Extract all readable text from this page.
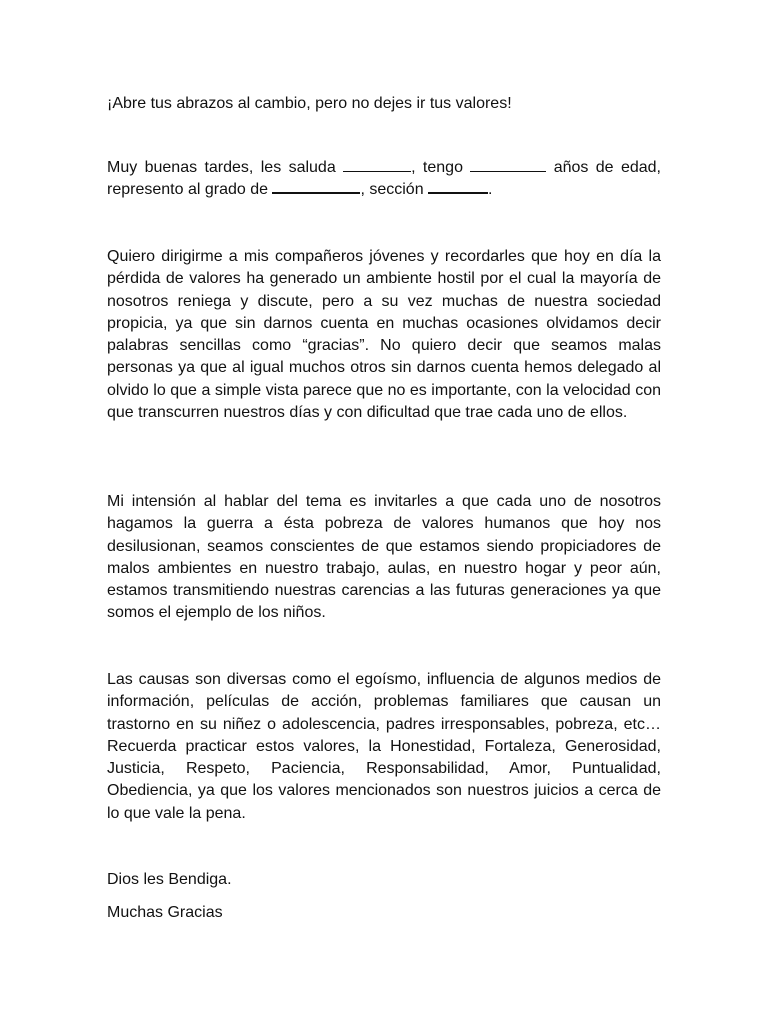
¡Abre tus abrazos al cambio, pero no dejes ir tus valores!

Muy buenas tardes, les saluda	, tengo	años de edad, represento al grado de	, sección	.

Quiero dirigirme a mis compañeros jóvenes y recordarles que hoy en día la pérdida de valores ha generado un ambiente hostil por el cual la mayoría de nosotros reniega y discute, pero a su vez muchas de nuestra sociedad propicia, ya que sin darnos cuenta en muchas ocasiones olvidamos decir palabras sencillas como “gracias”. No quiero decir que seamos malas personas ya que al igual muchos otros sin darnos cuenta hemos delegado al olvido lo que a simple vista parece que no es importante, con la velocidad con que transcurren nuestros días y con dificultad que trae cada uno de ellos.

Mi intensión al hablar del tema es invitarles a que cada uno de nosotros hagamos la guerra a ésta pobreza de valores humanos que hoy nos desilusionan, seamos conscientes de que estamos siendo propiciadores de malos ambientes en nuestro trabajo, aulas, en nuestro hogar y peor aún, estamos transmitiendo nuestras carencias a las futuras generaciones ya que somos el ejemplo de los niños.

Las causas son diversas como el egoísmo, influencia de algunos medios de información, películas de acción, problemas familiares que causan un trastorno en su niñez o adolescencia, padres irresponsables, pobreza, etc… Recuerda practicar estos valores, la Honestidad, Fortaleza, Generosidad, Justicia, Respeto, Paciencia, Responsabilidad, Amor, Puntualidad, Obediencia, ya que los valores mencionados son nuestros juicios a cerca de lo que vale la pena.

Dios les Bendiga.

Muchas Gracias
